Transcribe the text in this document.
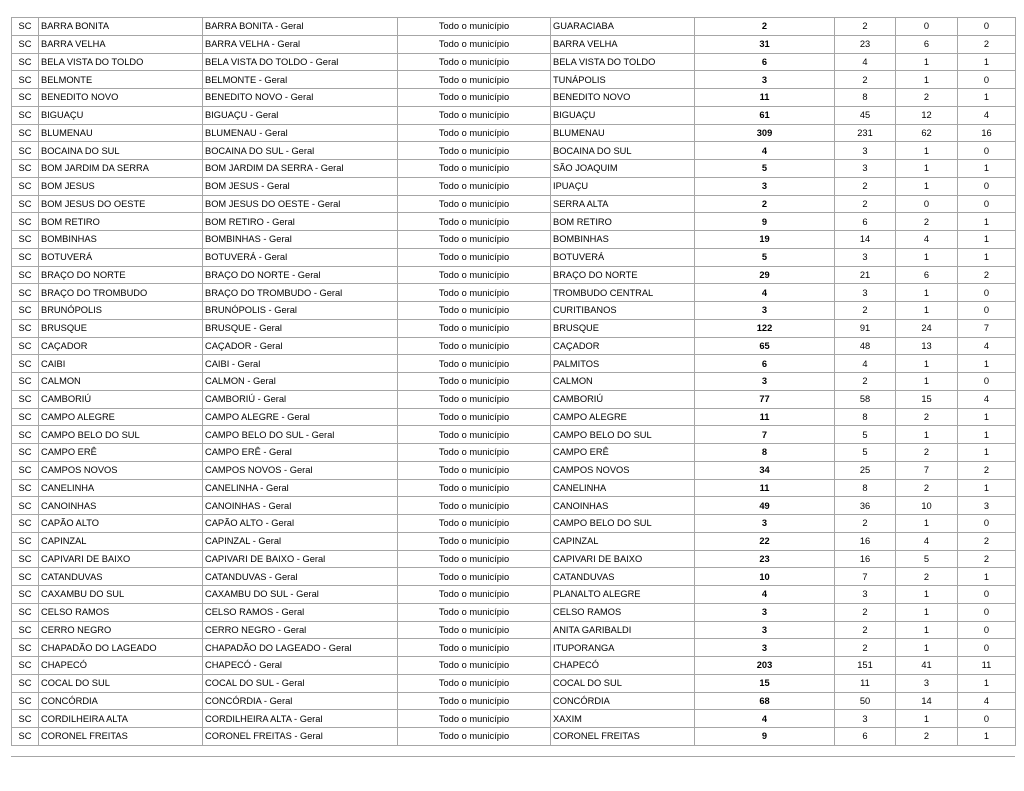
SC	BARRA BONITA	BARRA BONITA - Geral	Todo o município	GUARACIABA	2	2	0	0
SC	BARRA VELHA	BARRA VELHA - Geral	Todo o município	BARRA VELHA	31	23	6	2
SC	BELA VISTA DO TOLDO	BELA VISTA DO TOLDO - Geral	Todo o município	BELA VISTA DO TOLDO	6	4	1	1
SC	BELMONTE	BELMONTE - Geral	Todo o município	TUNÁPOLIS	3	2	1	0
SC	BENEDITO NOVO	BENEDITO NOVO - Geral	Todo o município	BENEDITO NOVO	11	8	2	1
SC	BIGUAÇU	BIGUAÇU - Geral	Todo o município	BIGUAÇU	61	45	12	4
SC	BLUMENAU	BLUMENAU - Geral	Todo o município	BLUMENAU	309	231	62	16
SC	BOCAINA DO SUL	BOCAINA DO SUL - Geral	Todo o município	BOCAINA DO SUL	4	3	1	0
SC	BOM JARDIM DA SERRA	BOM JARDIM DA SERRA - Geral	Todo o município	SÃO JOAQUIM	5	3	1	1
SC	BOM JESUS	BOM JESUS - Geral	Todo o município	IPUAÇU	3	2	1	0
SC	BOM JESUS DO OESTE	BOM JESUS DO OESTE - Geral	Todo o município	SERRA ALTA	2	2	0	0
SC	BOM RETIRO	BOM RETIRO - Geral	Todo o município	BOM RETIRO	9	6	2	1
SC	BOMBINHAS	BOMBINHAS - Geral	Todo o município	BOMBINHAS	19	14	4	1
SC	BOTUVERÁ	BOTUVERÁ - Geral	Todo o município	BOTUVERÁ	5	3	1	1
SC	BRAÇO DO NORTE	BRAÇO DO NORTE - Geral	Todo o município	BRAÇO DO NORTE	29	21	6	2
SC	BRAÇO DO TROMBUDO	BRAÇO DO TROMBUDO - Geral	Todo o município	TROMBUDO CENTRAL	4	3	1	0
SC	BRUNÓPOLIS	BRUNÓPOLIS - Geral	Todo o município	CURITIBANOS	3	2	1	0
SC	BRUSQUE	BRUSQUE - Geral	Todo o município	BRUSQUE	122	91	24	7
SC	CAÇADOR	CAÇADOR - Geral	Todo o município	CAÇADOR	65	48	13	4
SC	CAIBI	CAIBI - Geral	Todo o município	PALMITOS	6	4	1	1
SC	CALMON	CALMON - Geral	Todo o município	CALMON	3	2	1	0
SC	CAMBORIÚ	CAMBORIÚ - Geral	Todo o município	CAMBORIÚ	77	58	15	4
SC	CAMPO ALEGRE	CAMPO ALEGRE - Geral	Todo o município	CAMPO ALEGRE	11	8	2	1
SC	CAMPO BELO DO SUL	CAMPO BELO DO SUL - Geral	Todo o município	CAMPO BELO DO SUL	7	5	1	1
SC	CAMPO ERÊ	CAMPO ERÊ - Geral	Todo o município	CAMPO ERÊ	8	5	2	1
SC	CAMPOS NOVOS	CAMPOS NOVOS - Geral	Todo o município	CAMPOS NOVOS	34	25	7	2
SC	CANELINHA	CANELINHA - Geral	Todo o município	CANELINHA	11	8	2	1
SC	CANOINHAS	CANOINHAS - Geral	Todo o município	CANOINHAS	49	36	10	3
SC	CAPÃO ALTO	CAPÃO ALTO - Geral	Todo o município	CAMPO BELO DO SUL	3	2	1	0
SC	CAPINZAL	CAPINZAL - Geral	Todo o município	CAPINZAL	22	16	4	2
SC	CAPIVARI DE BAIXO	CAPIVARI DE BAIXO - Geral	Todo o município	CAPIVARI DE BAIXO	23	16	5	2
SC	CATANDUVAS	CATANDUVAS - Geral	Todo o município	CATANDUVAS	10	7	2	1
SC	CAXAMBU DO SUL	CAXAMBU DO SUL - Geral	Todo o município	PLANALTO ALEGRE	4	3	1	0
SC	CELSO RAMOS	CELSO RAMOS - Geral	Todo o município	CELSO RAMOS	3	2	1	0
SC	CERRO NEGRO	CERRO NEGRO - Geral	Todo o município	ANITA GARIBALDI	3	2	1	0
SC	CHAPADÃO DO LAGEADO	CHAPADÃO DO LAGEADO - Geral	Todo o município	ITUPORANGA	3	2	1	0
SC	CHAPECÓ	CHAPECÓ - Geral	Todo o município	CHAPECÓ	203	151	41	11
SC	COCAL DO SUL	COCAL DO SUL - Geral	Todo o município	COCAL DO SUL	15	11	3	1
SC	CONCÓRDIA	CONCÓRDIA - Geral	Todo o município	CONCÓRDIA	68	50	14	4
SC	CORDILHEIRA ALTA	CORDILHEIRA ALTA - Geral	Todo o município	XAXIM	4	3	1	0
SC	CORONEL FREITAS	CORONEL FREITAS - Geral	Todo o município	CORONEL FREITAS	9	6	2	1
